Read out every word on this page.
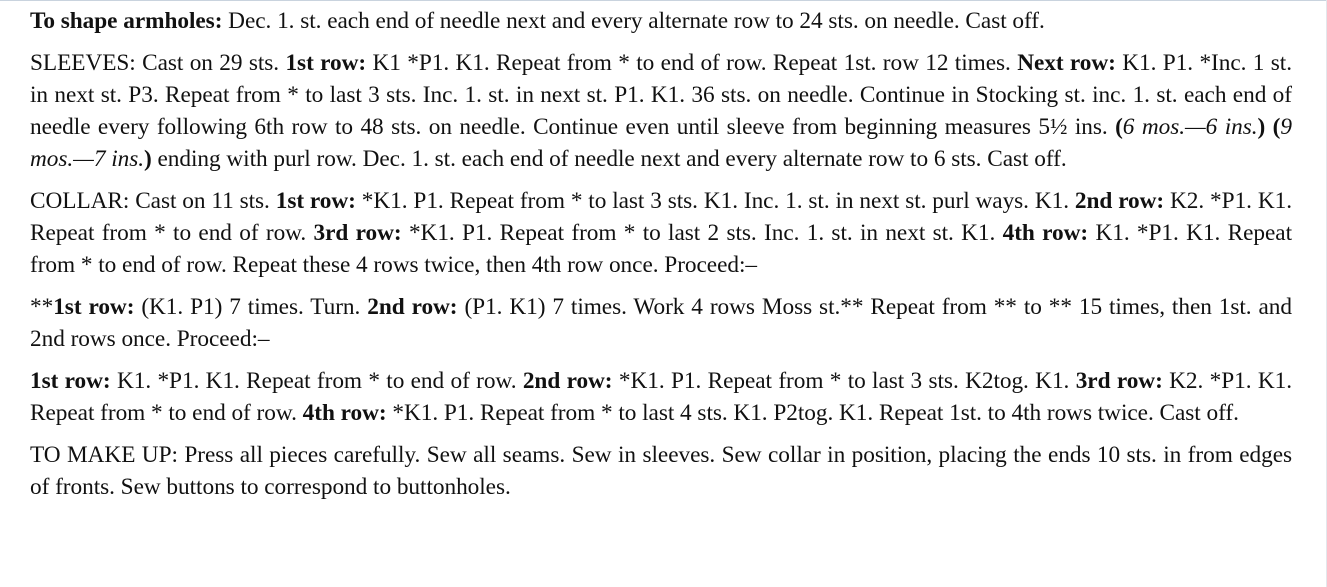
To shape armholes: Dec. 1. st. each end of needle next and every alternate row to 24 sts. on needle. Cast off.

SLEEVES: Cast on 29 sts. 1st row: K1 *P1. K1. Repeat from * to end of row. Repeat 1st. row 12 times. Next row: K1. P1. *Inc. 1 st. in next st. P3. Repeat from * to last 3 sts. Inc. 1. st. in next st. P1. K1. 36 sts. on needle. Continue in Stocking st. inc. 1. st. each end of needle every following 6th row to 48 sts. on needle. Continue even until sleeve from beginning measures 5½ ins. (6 mos.—6 ins.) (9 mos.—7 ins.) ending with purl row. Dec. 1. st. each end of needle next and every alternate row to 6 sts. Cast off.

COLLAR: Cast on 11 sts. 1st row: *K1. P1. Repeat from * to last 3 sts. K1. Inc. 1. st. in next st. purl ways. K1. 2nd row: K2. *P1. K1. Repeat from * to end of row. 3rd row: *K1. P1. Repeat from * to last 2 sts. Inc. 1. st. in next st. K1. 4th row: K1. *P1. K1. Repeat from * to end of row. Repeat these 4 rows twice, then 4th row once. Proceed:–

**1st row: (K1. P1) 7 times. Turn. 2nd row: (P1. K1) 7 times. Work 4 rows Moss st.** Repeat from ** to ** 15 times, then 1st. and 2nd rows once. Proceed:–

1st row: K1. *P1. K1. Repeat from * to end of row. 2nd row: *K1. P1. Repeat from * to last 3 sts. K2tog. K1. 3rd row: K2. *P1. K1. Repeat from * to end of row. 4th row: *K1. P1. Repeat from * to last 4 sts. K1. P2tog. K1. Repeat 1st. to 4th rows twice. Cast off.

TO MAKE UP: Press all pieces carefully. Sew all seams. Sew in sleeves. Sew collar in position, placing the ends 10 sts. in from edges of fronts. Sew buttons to correspond to buttonholes.
